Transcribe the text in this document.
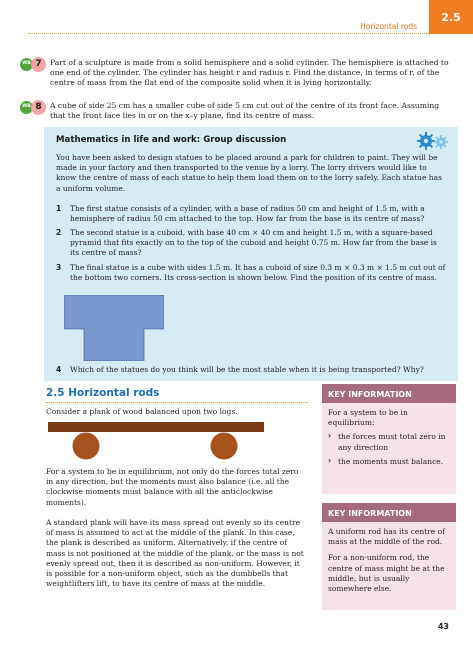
Horizontal rods
2.5
WB 7	Part of a sculpture is made from a solid hemisphere and a solid cylinder. The hemisphere is attached to one end of the cylinder. The cylinder has height r and radius r. Find the distance, in terms of r, of the centre of mass from the flat end of the composite solid when it is lying horizontally.
WB 8	A cube of side 25 cm has a smaller cube of side 5 cm cut out of the centre of its front face. Assuming that the front face lies in or on the x–y plane, find its centre of mass.
Mathematics in life and work: Group discussion
You have been asked to design statues to be placed around a park for children to paint. They will be made in your factory and then transported to the venue by a lorry. The lorry drivers would like to know the centre of mass of each statue to help them load them on to the lorry safely. Each statue has a uniform volume.
1 The first statue consists of a cylinder, with a base of radius 50 cm and height of 1.5 m, with a hemisphere of radius 50 cm attached to the top. How far from the base is its centre of mass?
2 The second statue is a cuboid, with base 40 cm × 40 cm and height 1.5 m, with a square-based pyramid that fits exactly on to the top of the cuboid and height 0.75 m. How far from the base is its centre of mass?
3 The final statue is a cube with sides 1.5 m. It has a cuboid of size 0.3 m × 0.3 m × 1.5 m cut out of the bottom two corners. Its cross-section is shown below. Find the position of its centre of mass.
4 Which of the statues do you think will be the most stable when it is being transported? Why?
2.5 Horizontal rods
Consider a plank of wood balanced upon two logs.
For a system to be in equilibrium, not only do the forces total zero in any direction, but the moments must also balance (i.e. all the clockwise moments must balance with all the anticlockwise moments).
A standard plank will have its mass spread out evenly so its centre of mass is assumed to act at the middle of the plank. In this case, the plank is described as uniform. Alternatively, if the centre of mass is not positioned at the middle of the plank, or the mass is not evenly spread out, then it is described as non-uniform. However, it is possible for a non-uniform object, such as the dumbbells that weightlifters lift, to have its centre of mass at the middle.
KEY INFORMATION

For a system to be in equilibrium:

› the forces must total zero in any direction
› the moments must balance.
KEY INFORMATION

A uniform rod has its centre of mass at the middle of the rod.

For a non-uniform rod, the centre of mass might be at the middle, but is usually somewhere else.

43
